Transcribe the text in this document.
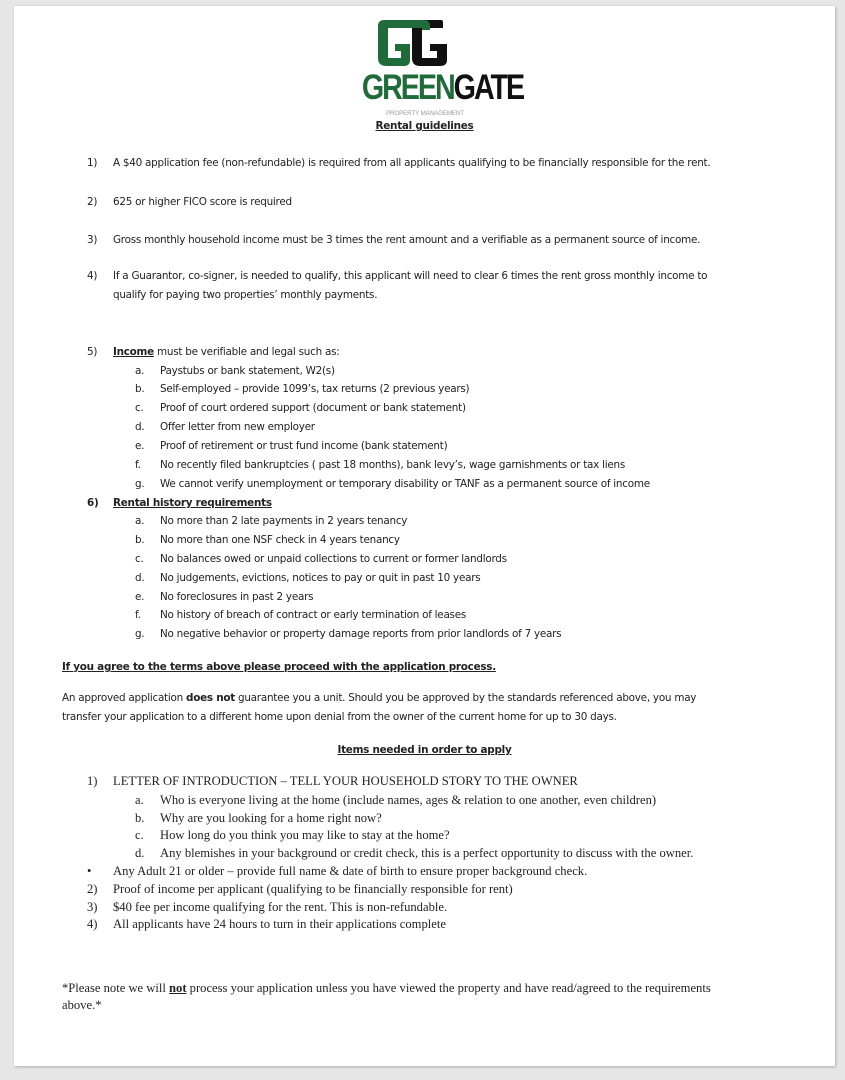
GREENGATE
PROPERTY MANAGEMENT
Rental guidelines
1) A $40 application fee (non-refundable) is required from all applicants qualifying to be financially responsible for the rent.
2) 625 or higher FICO score is required
3) Gross monthly household income must be 3 times the rent amount and a verifiable as a permanent source of income.
4) If a Guarantor, co-signer, is needed to qualify, this applicant will need to clear 6 times the rent gross monthly income to
qualify for paying two properties’ monthly payments.
5) Income must be verifiable and legal such as:
a. Paystubs or bank statement, W2(s)
b. Self-employed – provide 1099’s, tax returns (2 previous years)
c. Proof of court ordered support (document or bank statement)
d. Offer letter from new employer
e. Proof of retirement or trust fund income (bank statement)
f. No recently filed bankruptcies ( past 18 months), bank levy’s, wage garnishments or tax liens
g. We cannot verify unemployment or temporary disability or TANF as a permanent source of income
6) Rental history requirements
a. No more than 2 late payments in 2 years tenancy
b. No more than one NSF check in 4 years tenancy
c. No balances owed or unpaid collections to current or former landlords
d. No judgements, evictions, notices to pay or quit in past 10 years
e. No foreclosures in past 2 years
f. No history of breach of contract or early termination of leases
g. No negative behavior or property damage reports from prior landlords of 7 years
If you agree to the terms above please proceed with the application process.
An approved application does not guarantee you a unit. Should you be approved by the standards referenced above, you may
transfer your application to a different home upon denial from the owner of the current home for up to 30 days.
Items needed in order to apply
1) LETTER OF INTRODUCTION – TELL YOUR HOUSEHOLD STORY TO THE OWNER
a. Who is everyone living at the home (include names, ages & relation to one another, even children)
b. Why are you looking for a home right now?
c. How long do you think you may like to stay at the home?
d. Any blemishes in your background or credit check, this is a perfect opportunity to discuss with the owner.
• Any Adult 21 or older – provide full name & date of birth to ensure proper background check.
2) Proof of income per applicant (qualifying to be financially responsible for rent)
3) $40 fee per income qualifying for the rent. This is non-refundable.
4) All applicants have 24 hours to turn in their applications complete
*Please note we will not process your application unless you have viewed the property and have read/agreed to the requirements
above.*
